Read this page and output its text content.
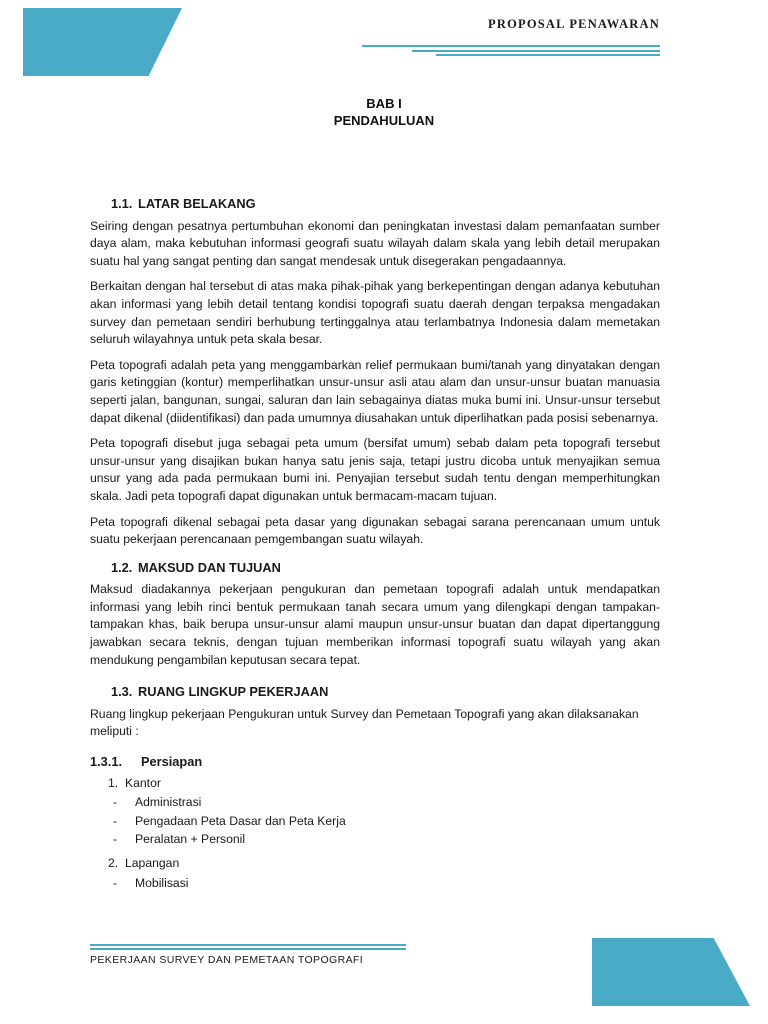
PROPOSAL PENAWARAN
BAB I
PENDAHULUAN
1.1. LATAR BELAKANG

Seiring dengan pesatnya pertumbuhan ekonomi dan peningkatan investasi dalam pemanfaatan sumber daya alam, maka kebutuhan informasi geografi suatu wilayah dalam skala yang lebih detail merupakan suatu hal yang sangat penting dan sangat mendesak untuk disegerakan pengadaannya.

Berkaitan dengan hal tersebut di atas maka pihak-pihak yang berkepentingan dengan adanya kebutuhan akan informasi yang lebih detail tentang kondisi topografi suatu daerah dengan terpaksa mengadakan survey dan pemetaan sendiri berhubung tertinggalnya atau terlambatnya Indonesia dalam memetakan seluruh wilayahnya untuk peta skala besar.

Peta topografi adalah peta yang menggambarkan relief permukaan bumi/tanah yang dinyatakan dengan garis ketinggian (kontur) memperlihatkan unsur-unsur asli atau alam dan unsur-unsur buatan manuasia seperti jalan, bangunan, sungai, saluran dan lain sebagainya diatas muka bumi ini. Unsur-unsur tersebut dapat dikenal (diidentifikasi) dan pada umumnya diusahakan untuk diperlihatkan pada posisi sebenarnya.

Peta topografi disebut juga sebagai peta umum (bersifat umum) sebab dalam peta topografi tersebut unsur-unsur yang disajikan bukan hanya satu jenis saja, tetapi justru dicoba untuk menyajikan semua unsur yang ada pada permukaan bumi ini. Penyajian tersebut sudah tentu dengan memperhitungkan skala. Jadi peta topografi dapat digunakan untuk bermacam-macam tujuan.

Peta topografi dikenal sebagai peta dasar yang digunakan sebagai sarana perencanaan umum untuk suatu pekerjaan perencanaan pemgembangan suatu wilayah.

1.2. MAKSUD DAN TUJUAN

Maksud diadakannya pekerjaan pengukuran dan pemetaan topografi adalah untuk mendapatkan informasi yang lebih rinci bentuk permukaan tanah secara umum yang dilengkapi dengan tampakan-tampakan khas, baik berupa unsur-unsur alami maupun unsur-unsur buatan dan dapat dipertanggung jawabkan secara teknis, dengan tujuan memberikan informasi topografi suatu wilayah yang akan mendukung pengambilan keputusan secara tepat.

1.3. RUANG LINGKUP PEKERJAAN

Ruang lingkup pekerjaan Pengukuran untuk Survey dan Pemetaan Topografi yang akan dilaksanakan meliputi :

1.3.1. Persiapan
1. Kantor
- Administrasi
- Pengadaan Peta Dasar dan Peta Kerja
- Peralatan + Personil
2. Lapangan
- Mobilisasi
PEKERJAAN SURVEY DAN PEMETAAN TOPOGRAFI
